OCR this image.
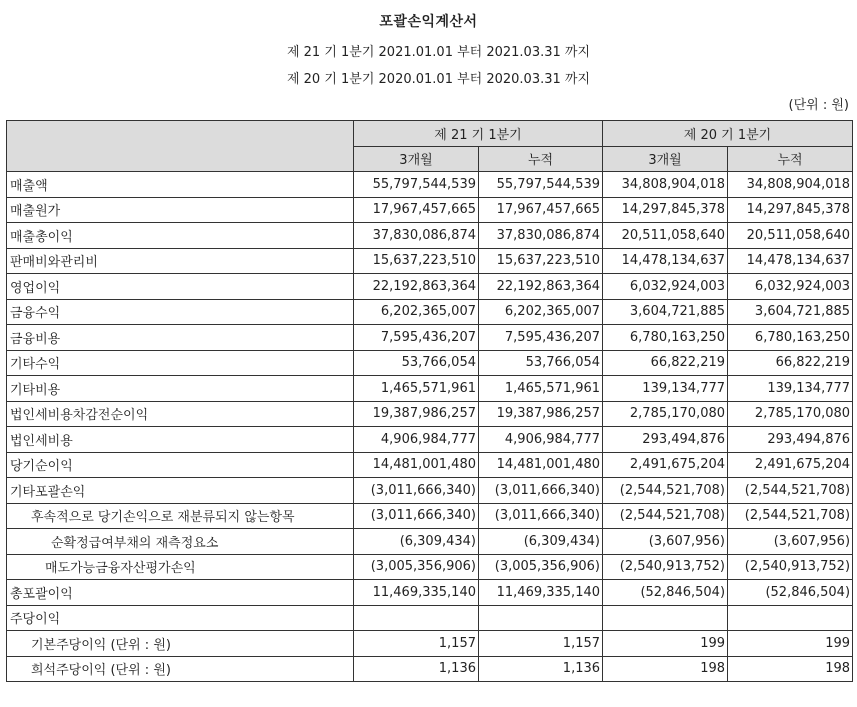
포괄손익계산서
제 21 기 1분기 2021.01.01 부터 2021.03.31 까지
제 20 기 1분기 2020.01.01 부터 2020.03.31 까지
(단위 : 원)
	제 21 기 1분기		제 20 기 1분기	
	3개월	누적	3개월	누적
매출액	55,797,544,539	55,797,544,539	34,808,904,018	34,808,904,018
매출원가	17,967,457,665	17,967,457,665	14,297,845,378	14,297,845,378
매출총이익	37,830,086,874	37,830,086,874	20,511,058,640	20,511,058,640
판매비와관리비	15,637,223,510	15,637,223,510	14,478,134,637	14,478,134,637
영업이익	22,192,863,364	22,192,863,364	6,032,924,003	6,032,924,003
금융수익	6,202,365,007	6,202,365,007	3,604,721,885	3,604,721,885
금융비용	7,595,436,207	7,595,436,207	6,780,163,250	6,780,163,250
기타수익	53,766,054	53,766,054	66,822,219	66,822,219
기타비용	1,465,571,961	1,465,571,961	139,134,777	139,134,777
법인세비용차감전순이익	19,387,986,257	19,387,986,257	2,785,170,080	2,785,170,080
법인세비용	4,906,984,777	4,906,984,777	293,494,876	293,494,876
당기순이익	14,481,001,480	14,481,001,480	2,491,675,204	2,491,675,204
기타포괄손익	(3,011,666,340)	(3,011,666,340)	(2,544,521,708)	(2,544,521,708)
후속적으로 당기손익으로 재분류되지 않는항목	(3,011,666,340)	(3,011,666,340)	(2,544,521,708)	(2,544,521,708)
순확정급여부채의 재측정요소	(6,309,434)	(6,309,434)	(3,607,956)	(3,607,956)
매도가능금융자산평가손익	(3,005,356,906)	(3,005,356,906)	(2,540,913,752)	(2,540,913,752)
총포괄이익	11,469,335,140	11,469,335,140	(52,846,504)	(52,846,504)
주당이익				
기본주당이익 (단위 : 원)	1,157	1,157	199	199
희석주당이익 (단위 : 원)	1,136	1,136	198	198
